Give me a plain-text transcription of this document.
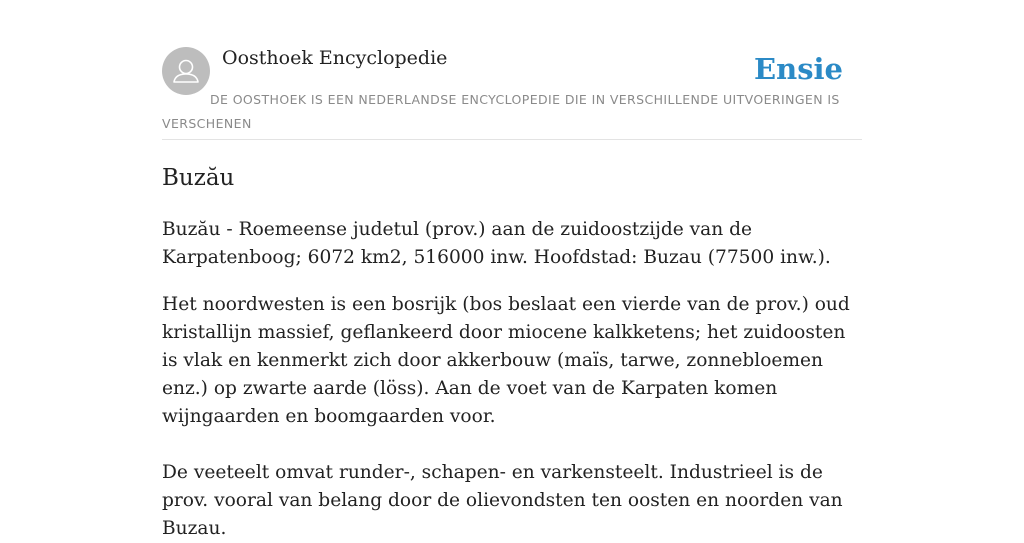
Oosthoek Encyclopedie	Ensie
DE OOSTHOEK IS EEN NEDERLANDSE ENCYCLOPEDIE DIE IN VERSCHILLENDE UITVOERINGEN IS VERSCHENEN
Buzău

Buzău - Roemeense judetul (prov.) aan de zuidoostzijde van de Karpatenboog; 6072 km2, 516000 inw. Hoofdstad: Buzau (77500 inw.).

Het noordwesten is een bosrijk (bos beslaat een vierde van de prov.) oud kristallijn massief, geflankeerd door miocene kalkketens; het zuidoosten is vlak en kenmerkt zich door akkerbouw (maïs, tarwe, zonnebloemen enz.) op zwarte aarde (löss). Aan de voet van de Karpaten komen wijngaarden en boomgaarden voor.

De veeteelt omvat runder-, schapen- en varkensteelt. Industrieel is de prov. vooral van belang door de olievondsten ten oosten en noorden van Buzau.
